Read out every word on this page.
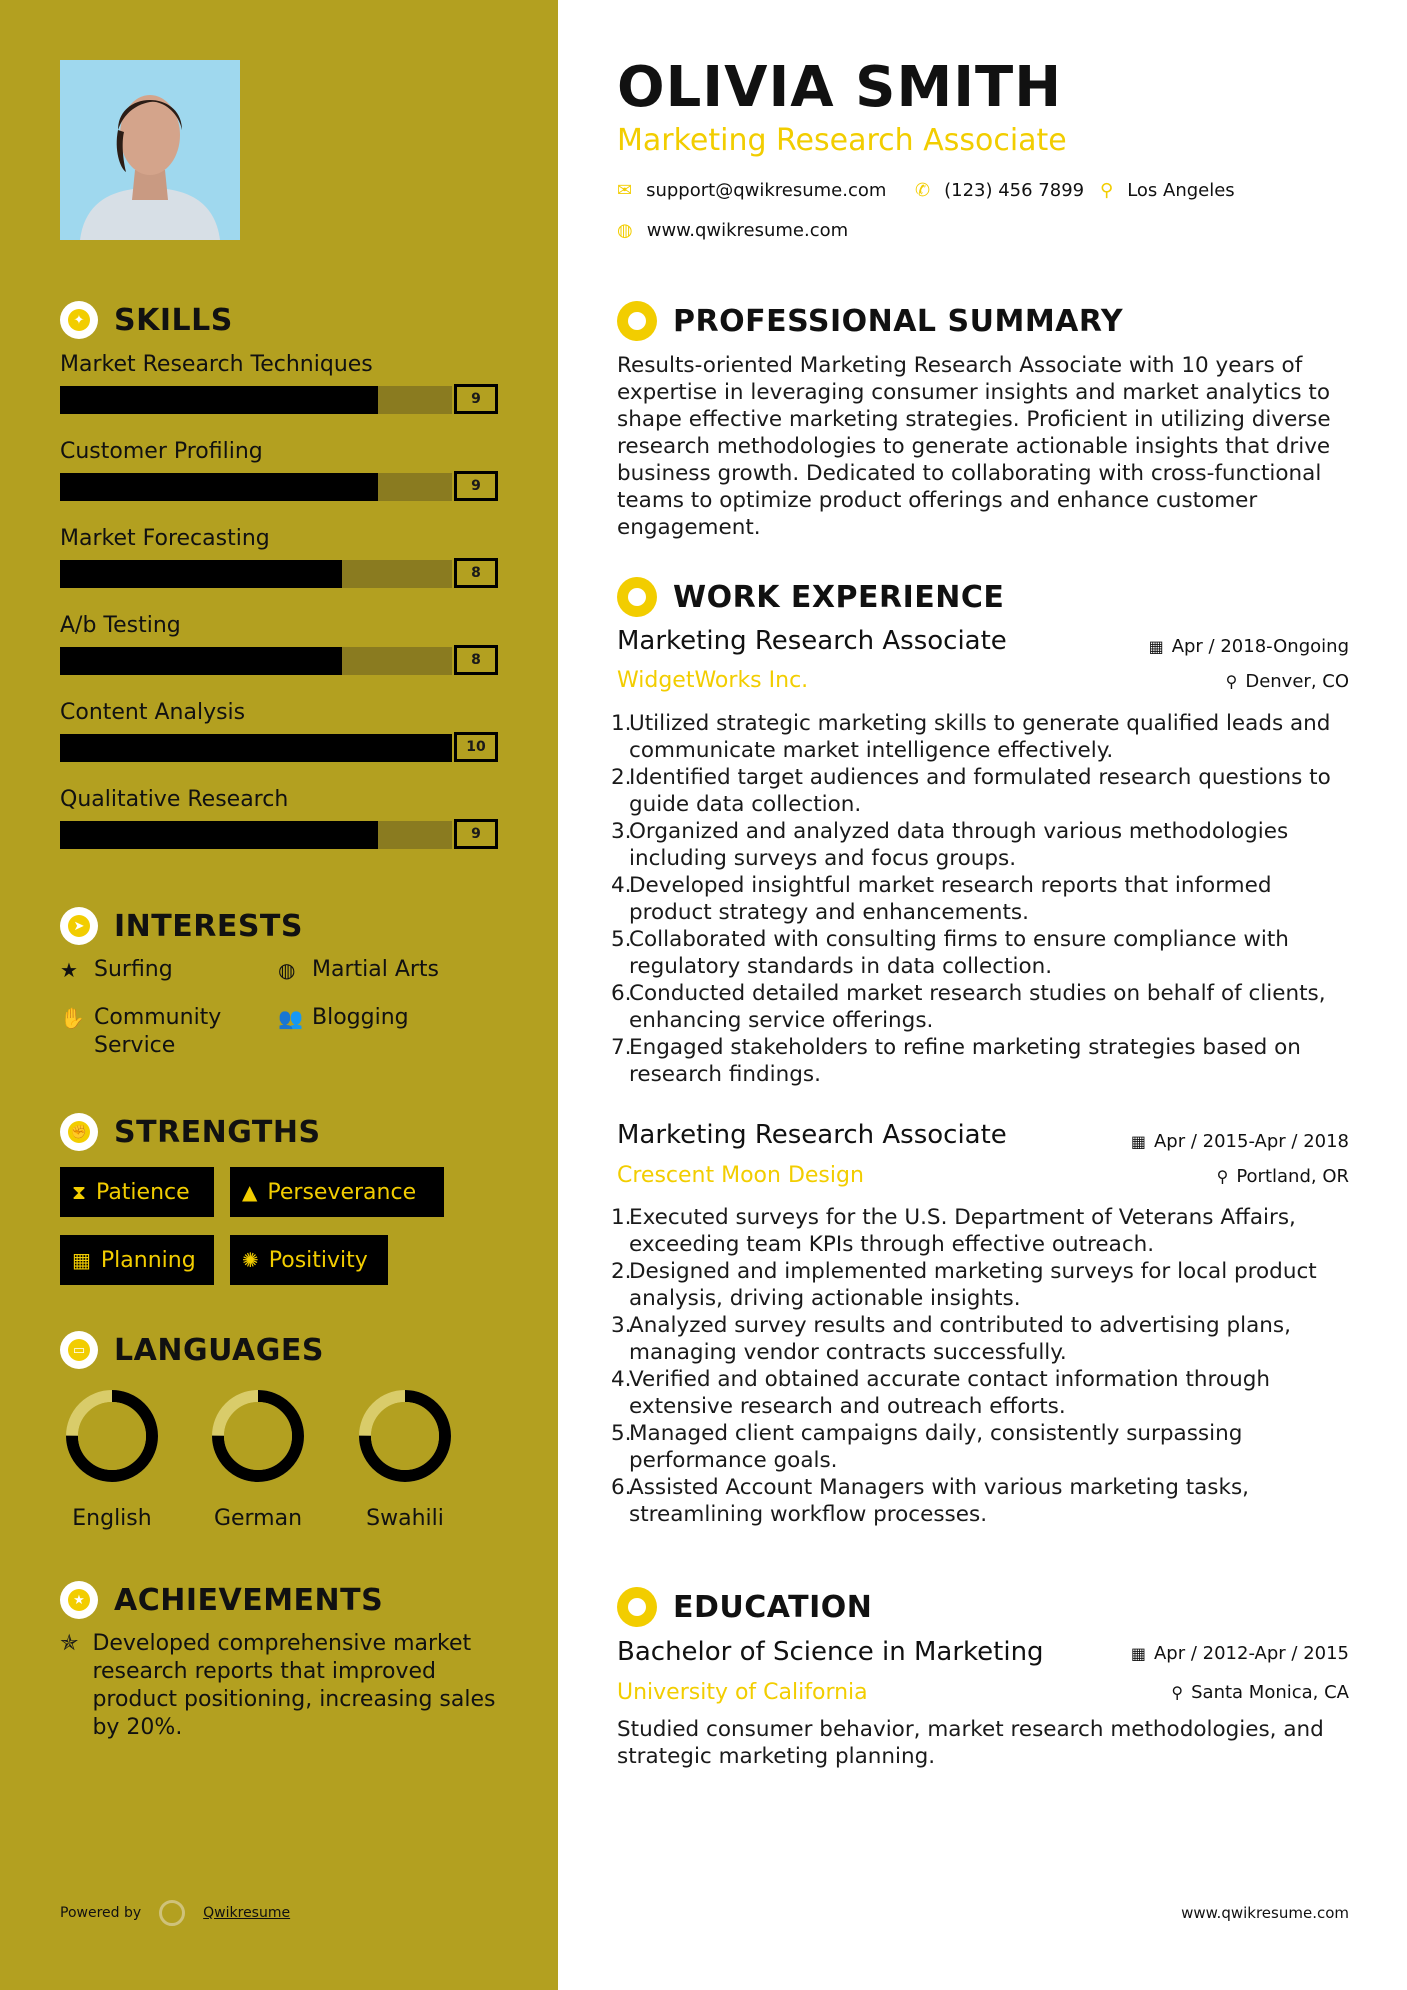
✦ SKILLS
Market Research Techniques
9
Customer Profiling
9
Market Forecasting
8
A/b Testing
8
Content Analysis
10
Qualitative Research
9
➤ INTERESTS
★ Surfing	◍ Martial Arts
✋ Community Service
👥 Blogging
✊ STRENGTHS
⧗ Patience	▲ Perseverance
▦ Planning ✺ Positivity
▭ LANGUAGES
English	German	Swahili
★ ACHIEVEMENTS
✯ Developed comprehensive market research reports that improved product positioning, increasing sales by 20%.
Powered by	Qwikresume
OLIVIA SMITH
Marketing Research Associate
✉ support@qwikresume.com ✆ (123) 456 7899 ⚲ Los Angeles
◍ www.qwikresume.com
PROFESSIONAL SUMMARY
Results-oriented Marketing Research Associate with 10 years of expertise in leveraging consumer insights and market analytics to shape effective marketing strategies. Proficient in utilizing diverse research methodologies to generate actionable insights that drive business growth. Dedicated to collaborating with cross-functional teams to optimize product offerings and enhance customer engagement.
WORK EXPERIENCE
Marketing Research Associate	▦ Apr / 2018-Ongoing
WidgetWorks Inc.	⚲ Denver, CO
1.
Utilized strategic marketing skills to generate qualified leads and communicate market intelligence effectively.
2.
Identified target audiences and formulated research questions to guide data collection.
3.
Organized and analyzed data through various methodologies including surveys and focus groups.
4.
Developed insightful market research reports that informed product strategy and enhancements.
5.
Collaborated with consulting firms to ensure compliance with regulatory standards in data collection.
6.
Conducted detailed market research studies on behalf of clients, enhancing service offerings.
7.
Engaged stakeholders to refine marketing strategies based on research findings.
Marketing Research Associate	▦ Apr / 2015-Apr / 2018
Crescent Moon Design	⚲ Portland, OR
1.
Executed surveys for the U.S. Department of Veterans Affairs, exceeding team KPIs through effective outreach.
2.
Designed and implemented marketing surveys for local product analysis, driving actionable insights.
3.
Analyzed survey results and contributed to advertising plans, managing vendor contracts successfully.
4.
Verified and obtained accurate contact information through extensive research and outreach efforts.
5.
Managed client campaigns daily, consistently surpassing performance goals.
6.
Assisted Account Managers with various marketing tasks, streamlining workflow processes.
EDUCATION
Bachelor of Science in Marketing	▦ Apr / 2012-Apr / 2015
University of California	⚲ Santa Monica, CA
Studied consumer behavior, market research methodologies, and strategic marketing planning.
www.qwikresume.com
